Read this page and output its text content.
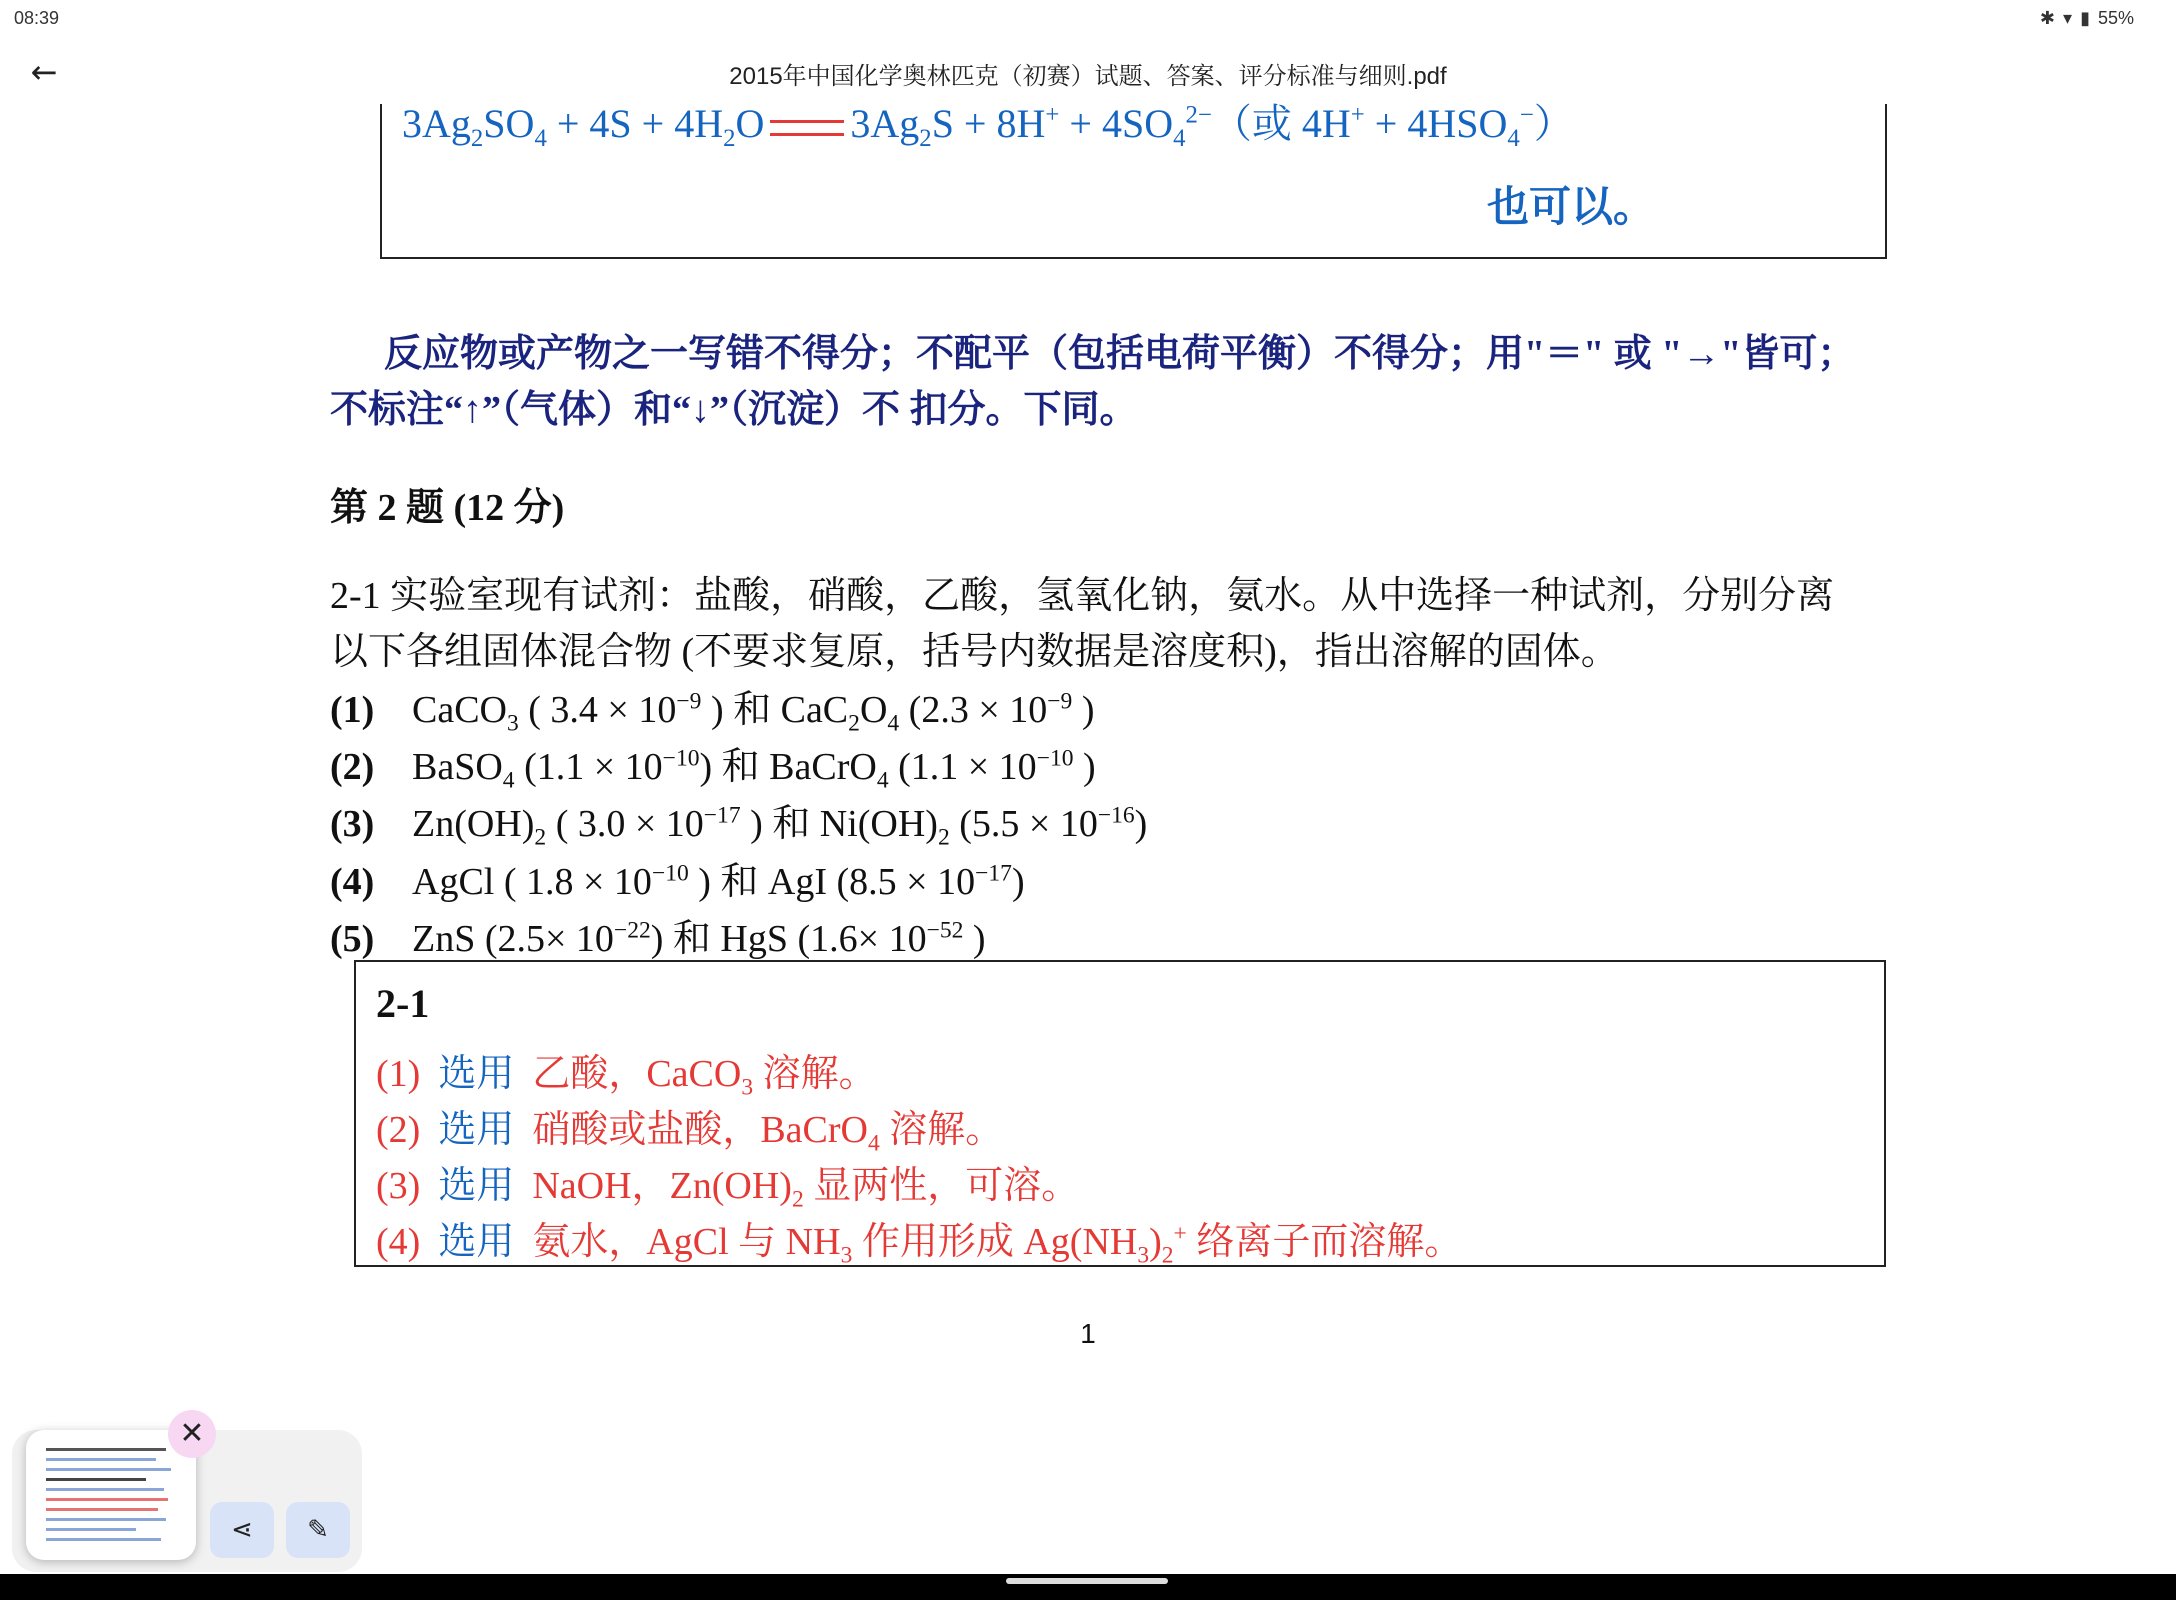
08:39	✱ ▾ ▮ 55%
←	2015年中国化学奥林匹克（初赛）试题、答案、评分标准与细则.pdf
$3Ag_2SO_4 + 4S + 4H_2O$ $3Ag_2S + 8H^+ + 4SO_4^{2-}$（或 $4H^+ + 4HSO_4^-$）
也可以。
反应物或产物之一写错不得分；不配平（包括电荷平衡）不得分；用"＝" 或 "→"皆可；
不标注“↑”（气体）和“↓”（沉淀）不 扣分。下同。
第 2 题 (12 分)
2-1 实验室现有试剂：盐酸，硝酸，乙酸，氢氧化钠，氨水。从中选择一种试剂，分别分离
以下各组固体混合物 (不要求复原，括号内数据是溶度积)，指出溶解的固体。
(1) CaCO$_3$ ( $3.4 \times 10^{-9}$ ) 和 $CaC_2O_4$ ($2.3 \times 10^{-9}$ )
(2) BaSO$_4$ $(1.1 \times 10^{-10})$ 和 BaCrO$_4$ ($1.1 \times 10^{-10}$ )
(3) $Zn(OH)_2$ ( $3.0 \times 10^{-17}$ ) 和 $Ni(OH)_2$ $(5.5 \times 10^{-16})$
(4) AgCl ( $1.8 \times 10^{-10}$ ) 和 AgI $(8.5 \times 10^{-17})$
(5) ZnS $(2.5\times 10^{-22})$ 和 HgS ($1.6\times 10^{-52}$ )
2-1
(1) 选用 乙酸，CaCO$_3$ 溶解。
(2) 选用 硝酸或盐酸，BaCrO$_4$ 溶解。
(3) 选用 NaOH，$Zn(OH)_2$ 显两性，可溶。
(4) 选用 氨水，AgCl 与 $NH_3$ 作用形成 $Ag(NH_3)_2^+$ 络离子而溶解。
1
✕
⋖	✎
